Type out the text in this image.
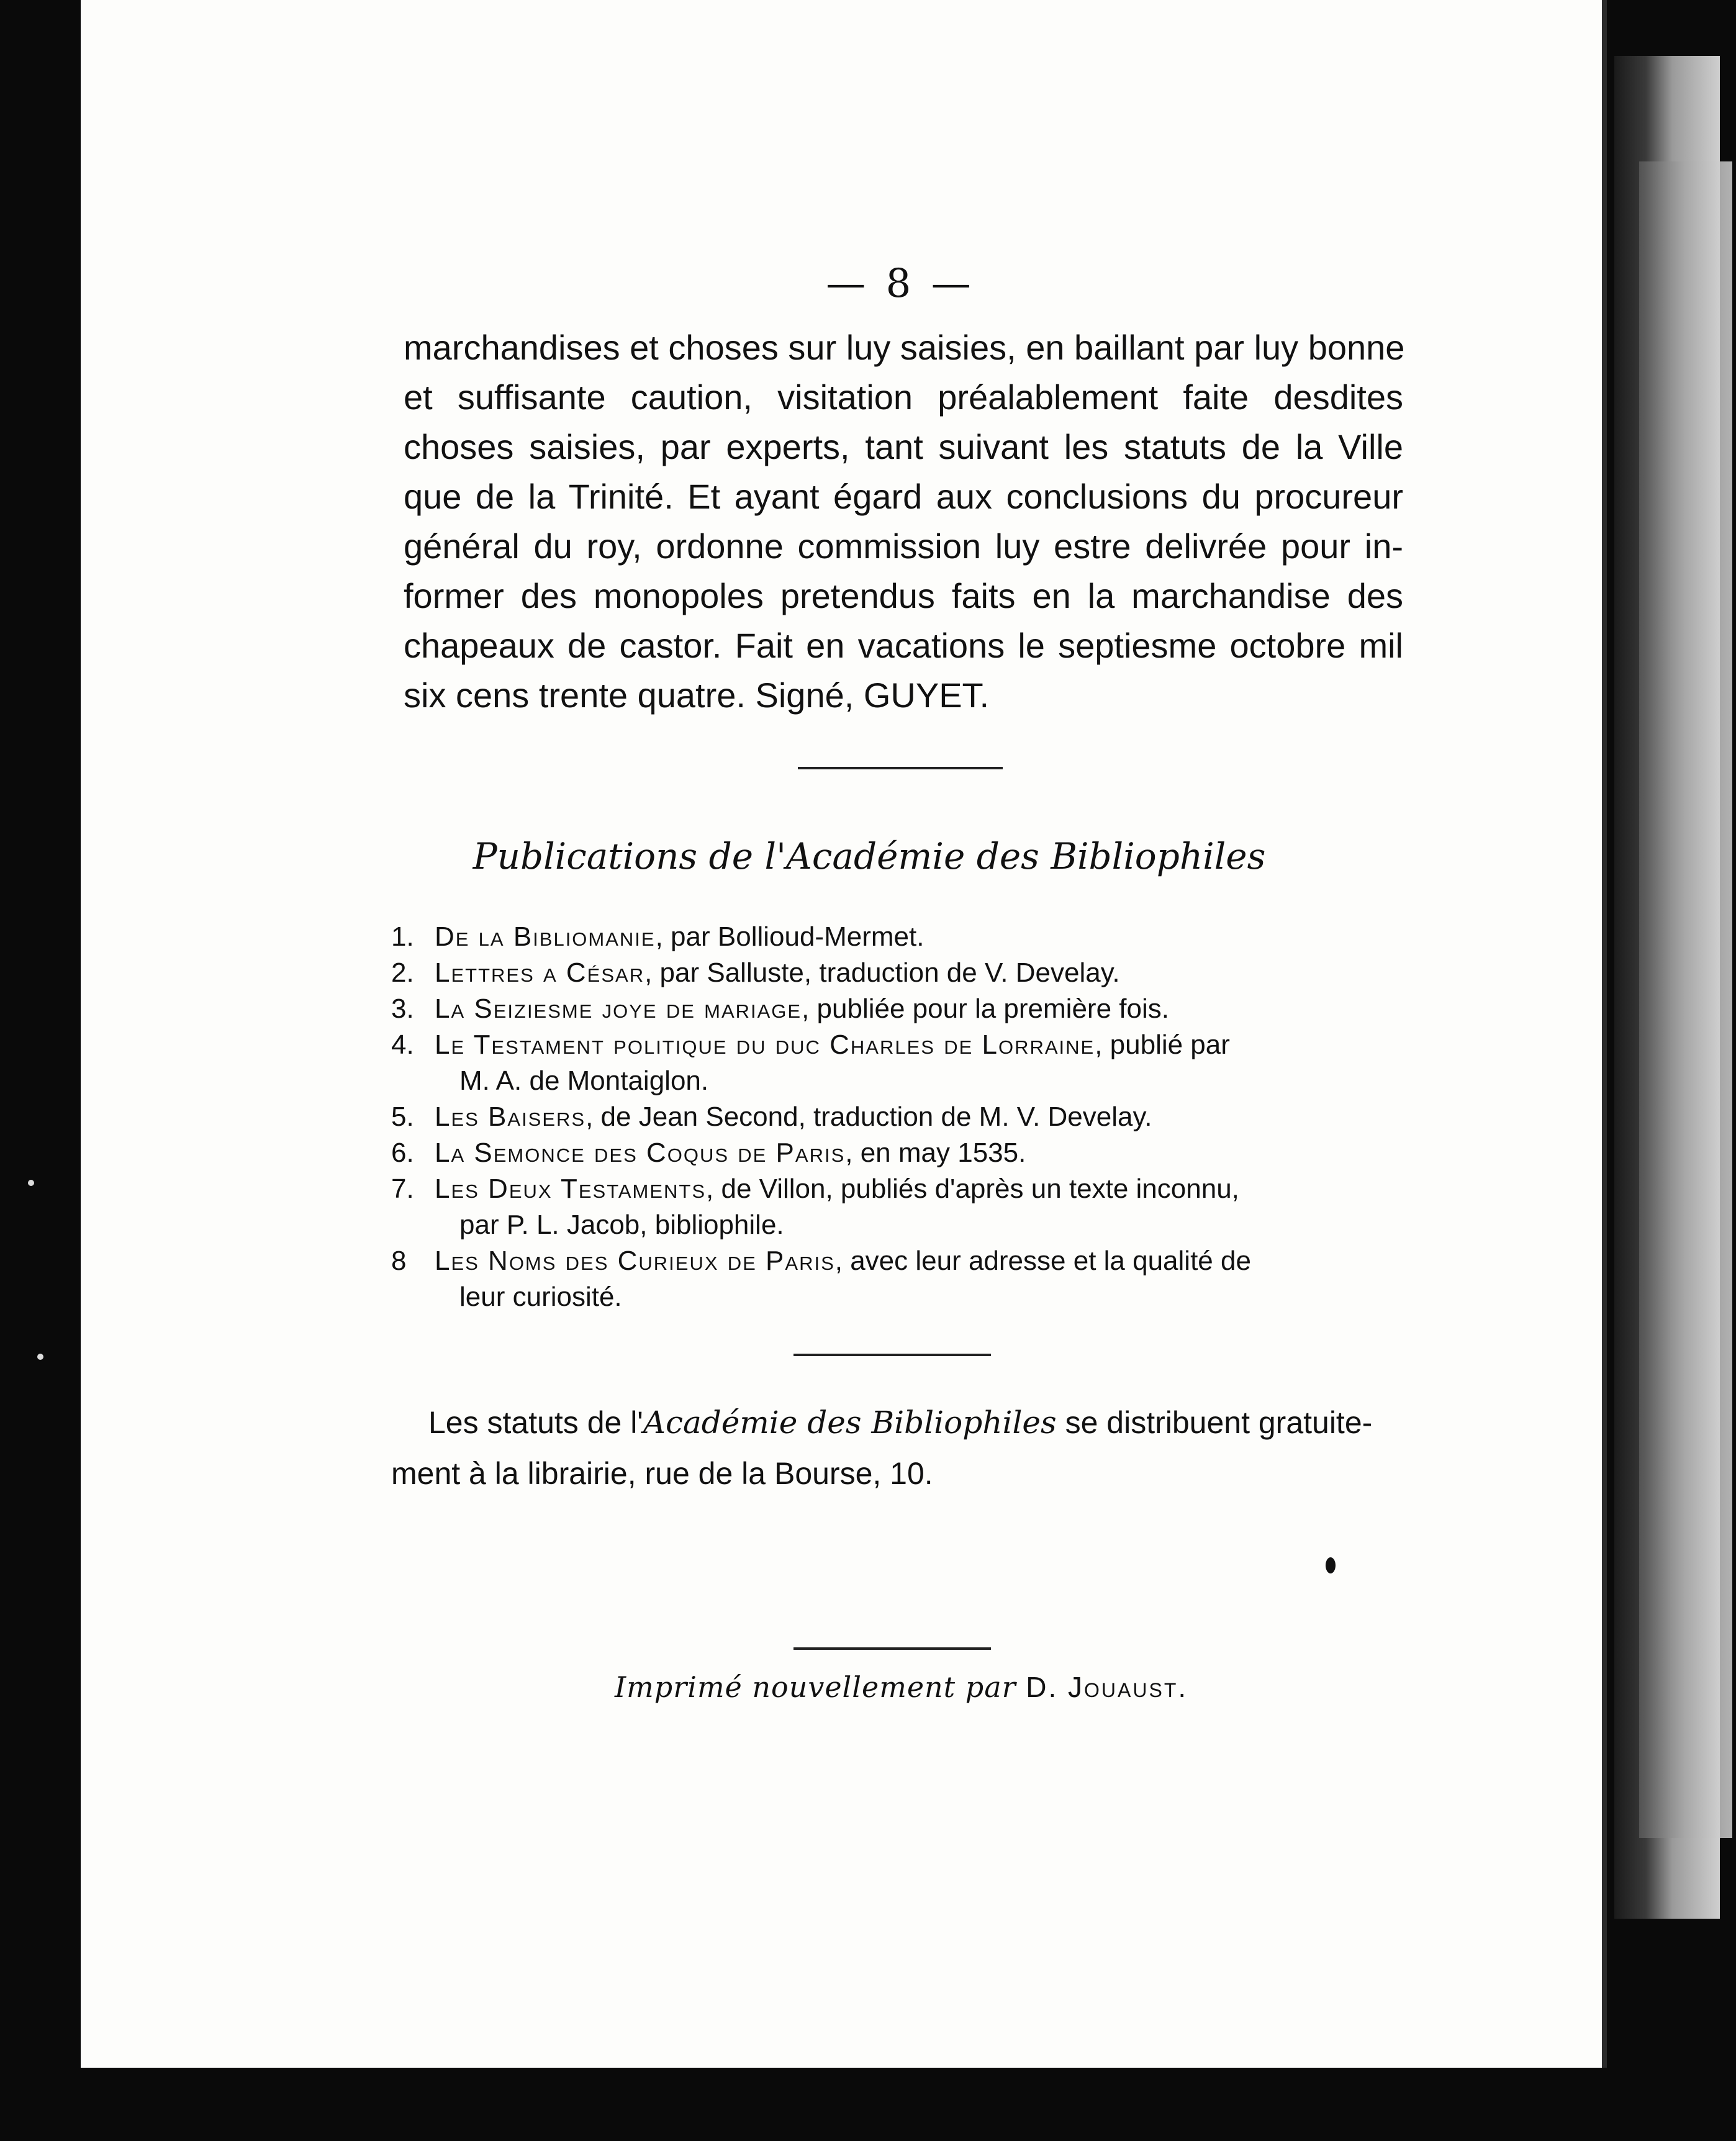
— 8 —
marchandises et choses sur luy saisies, en baillant par luy bonne
et suffisante caution, visitation préalablement faite desdites
choses saisies, par experts, tant suivant les statuts de la Ville
que de la Trinité. Et ayant égard aux conclusions du procureur
général du roy, ordonne commission luy estre delivrée pour in-
former des monopoles pretendus faits en la marchandise des
chapeaux de castor. Fait en vacations le septiesme octobre mil
six cens trente quatre. Signé, GUYET.
Publications de l'Académie des Bibliophiles
1. De la Bibliomanie, par Bollioud-Mermet.
2. Lettres a César, par Salluste, traduction de V. Develay.
3. La Seiziesme joye de mariage, publiée pour la première fois.
4. Le Testament politique du duc Charles de Lorraine, publié par
M. A. de Montaiglon.
5. Les Baisers, de Jean Second, traduction de M. V. Develay.
6. La Semonce des Coqus de Paris, en may 1535.
7. Les Deux Testaments, de Villon, publiés d'après un texte inconnu,
par P. L. Jacob, bibliophile.
8 Les Noms des Curieux de Paris, avec leur adresse et la qualité de
leur curiosité.
Les statuts de l'Académie des Bibliophiles se distribuent gratuite-
ment à la librairie, rue de la Bourse, 10.
Imprimé nouvellement par D. Jouaust.
